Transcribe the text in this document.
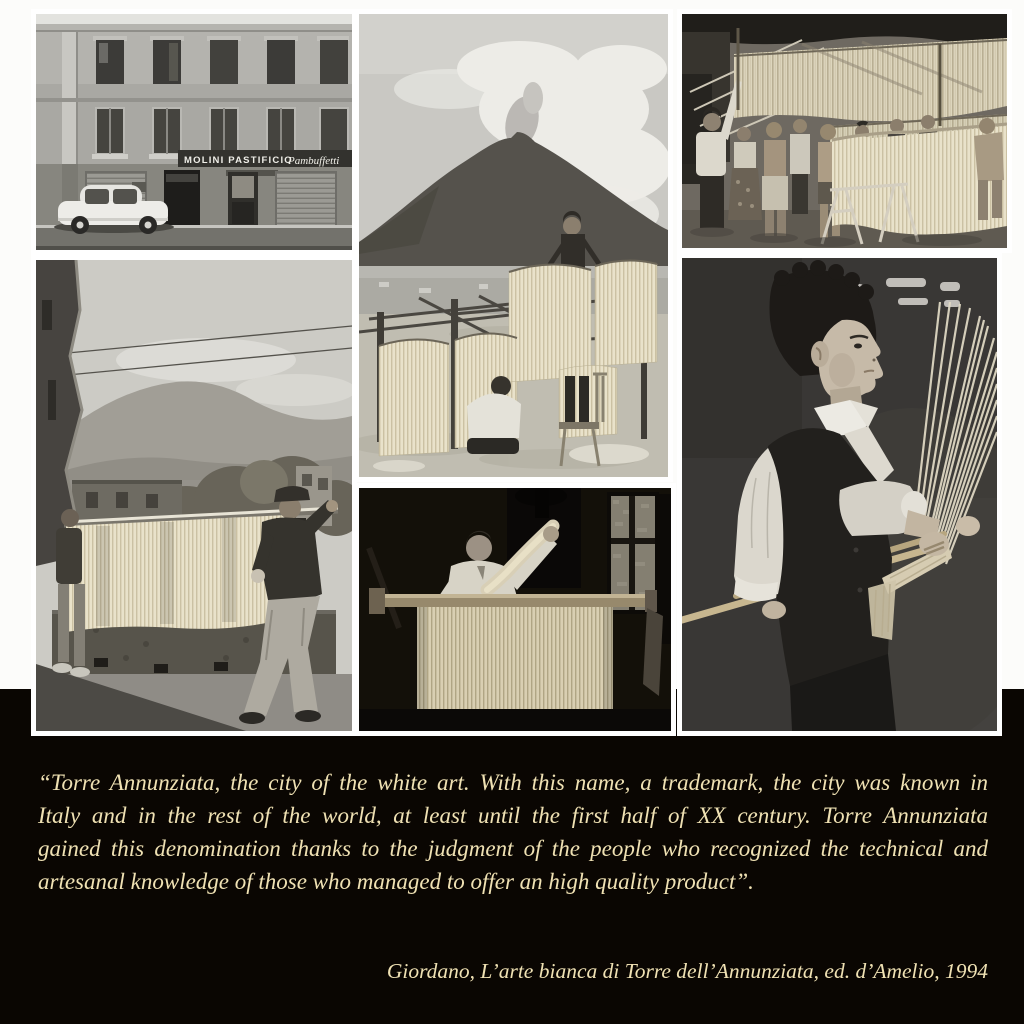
MOLINI PASTIFICIO
Pambuffetti
“Torre Annunziata, the city of the white art. With this name, a trademark, the city was known in
Italy and in the rest of the world, at least until the first half of XX century. Torre Annunziata
gained this denomination thanks to the judgment of the people who recognized the technical and
artesanal knowledge of those who managed to offer an high quality product”.
Giordano, L’arte bianca di Torre dell’Annunziata, ed. d’Amelio, 1994
